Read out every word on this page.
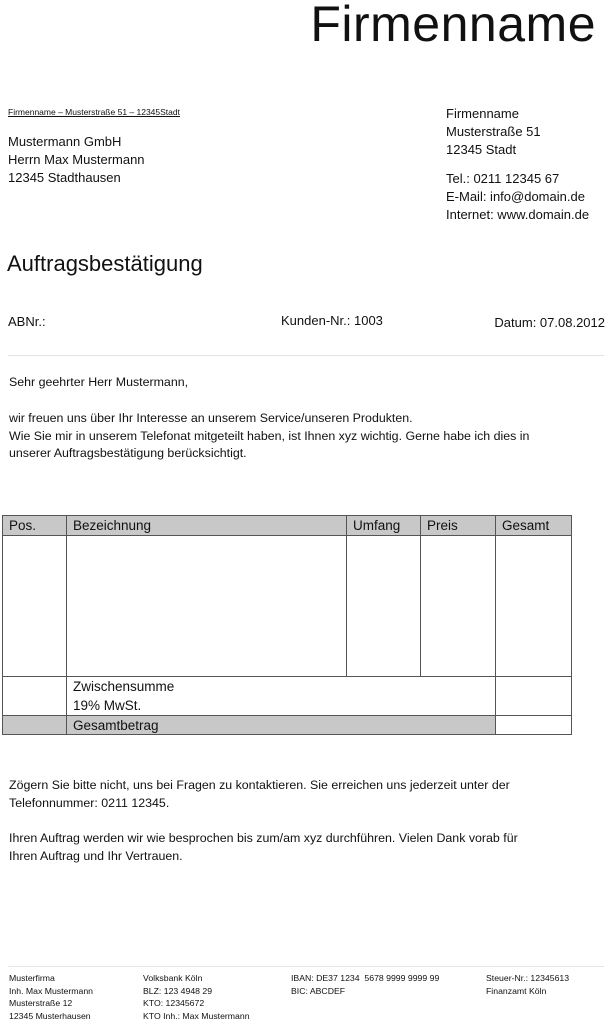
Firmenname
Firmenname – Musterstraße 51 – 12345Stadt
Mustermann GmbH
Herrn Max Mustermann
12345 Stadthausen
Firmenname
Musterstraße 51
12345 Stadt
Tel.: 0211 12345 67
E-Mail: info@domain.de
Internet: www.domain.de
Auftragsbestätigung
ABNr.:	Kunden-Nr.: 1003	Datum: 07.08.2012
Sehr geehrter Herr Mustermann,
wir freuen uns über Ihr Interesse an unserem Service/unseren Produkten.
Wie Sie mir in unserem Telefonat mitgeteilt haben, ist Ihnen xyz wichtig. Gerne habe ich dies in
unserer Auftragsbestätigung berücksichtigt.
Pos.	Bezeichnung	Umfang	Preis	Gesamt

	Zwischensumme
19% MwSt.			

	Gesamtbetrag			
Zögern Sie bitte nicht, uns bei Fragen zu kontaktieren. Sie erreichen uns jederzeit unter der
Telefonnummer: 0211 12345.
Ihren Auftrag werden wir wie besprochen bis zum/am xyz durchführen. Vielen Dank vorab für
Ihren Auftrag und Ihr Vertrauen.
Musterfirma
Inh. Max Mustermann
Musterstraße 12
12345 Musterhausen
Volksbank Köln
BLZ: 123 4948 29
KTO: 12345672
KTO Inh.: Max Mustermann
IBAN: DE37 1234  5678 9999 9999 99
BIC: ABCDEF
Steuer-Nr.: 12345613
Finanzamt Köln
